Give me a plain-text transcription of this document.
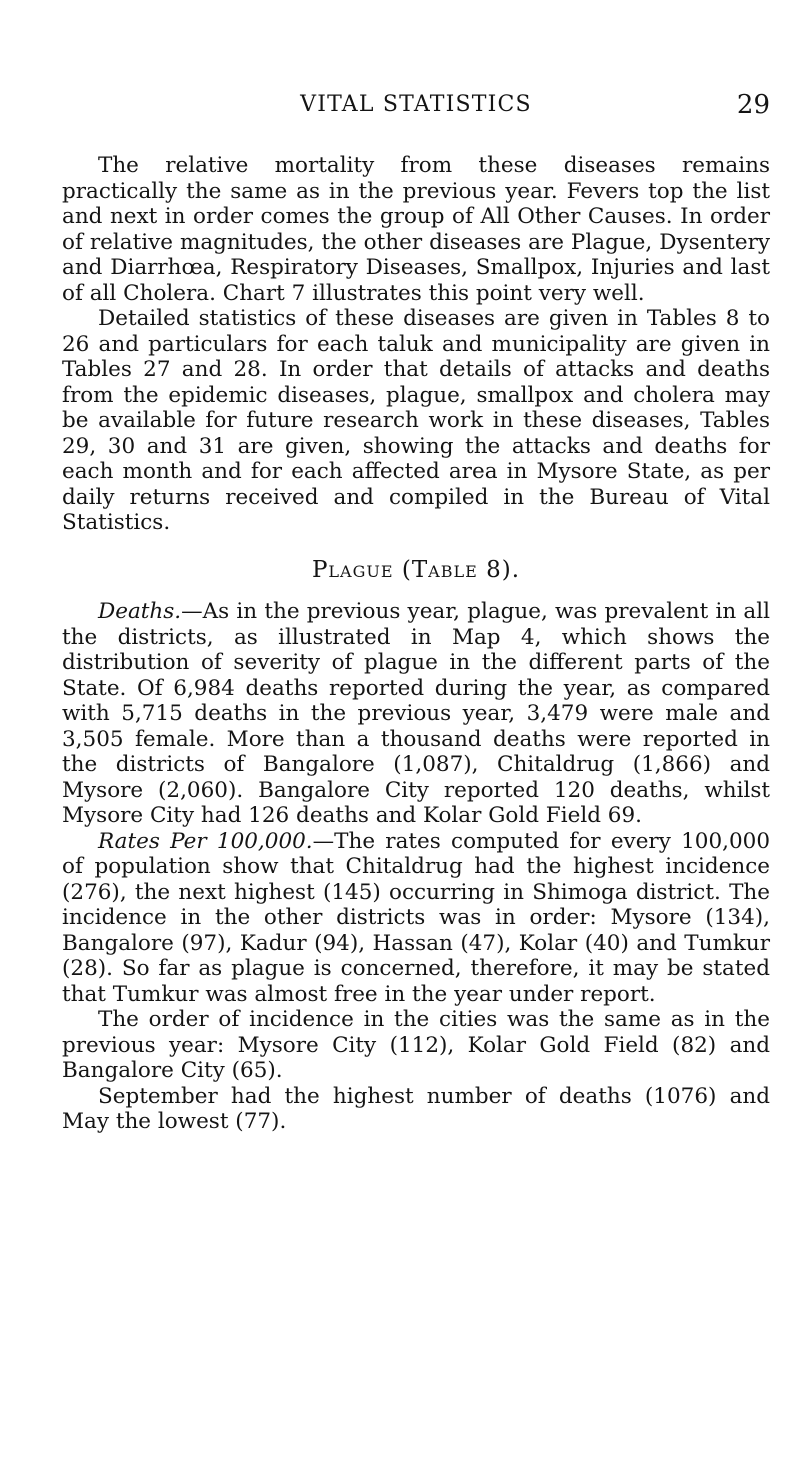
VITAL STATISTICS	29

The relative mortality from these diseases remains practically the same as in the previous year. Fevers top the list and next in order comes the group of All Other Causes. In order of relative magnitudes, the other diseases are Plague, Dysentery and Diarrhœa, Respiratory Diseases, Smallpox, Injuries and last of all Cholera. Chart 7 illustrates this point very well.

Detailed statistics of these diseases are given in Tables 8 to 26 and particulars for each taluk and municipality are given in Tables 27 and 28. In order that details of attacks and deaths from the epidemic diseases, plague, smallpox and cholera may be available for future research work in these diseases, Tables 29, 30 and 31 are given, showing the attacks and deaths for each month and for each affected area in Mysore State, as per daily returns received and compiled in the Bureau of Vital Statistics.

Plague (Table 8).

Deaths.—As in the previous year, plague, was prevalent in all the districts, as illustrated in Map 4, which shows the distribution of severity of plague in the different parts of the State. Of 6,984 deaths reported during the year, as compared with 5,715 deaths in the previous year, 3,479 were male and 3,505 female. More than a thousand deaths were reported in the districts of Bangalore (1,087), Chitaldrug (1,866) and Mysore (2,060). Bangalore City reported 120 deaths, whilst Mysore City had 126 deaths and Kolar Gold Field 69.

Rates Per 100,000.—The rates computed for every 100,000 of population show that Chitaldrug had the highest incidence (276), the next highest (145) occurring in Shimoga district. The incidence in the other districts was in order: Mysore (134), Bangalore (97), Kadur (94), Hassan (47), Kolar (40) and Tumkur (28). So far as plague is concerned, therefore, it may be stated that Tumkur was almost free in the year under report.

The order of incidence in the cities was the same as in the previous year: Mysore City (112), Kolar Gold Field (82) and Bangalore City (65).

September had the highest number of deaths (1076) and May the lowest (77).
